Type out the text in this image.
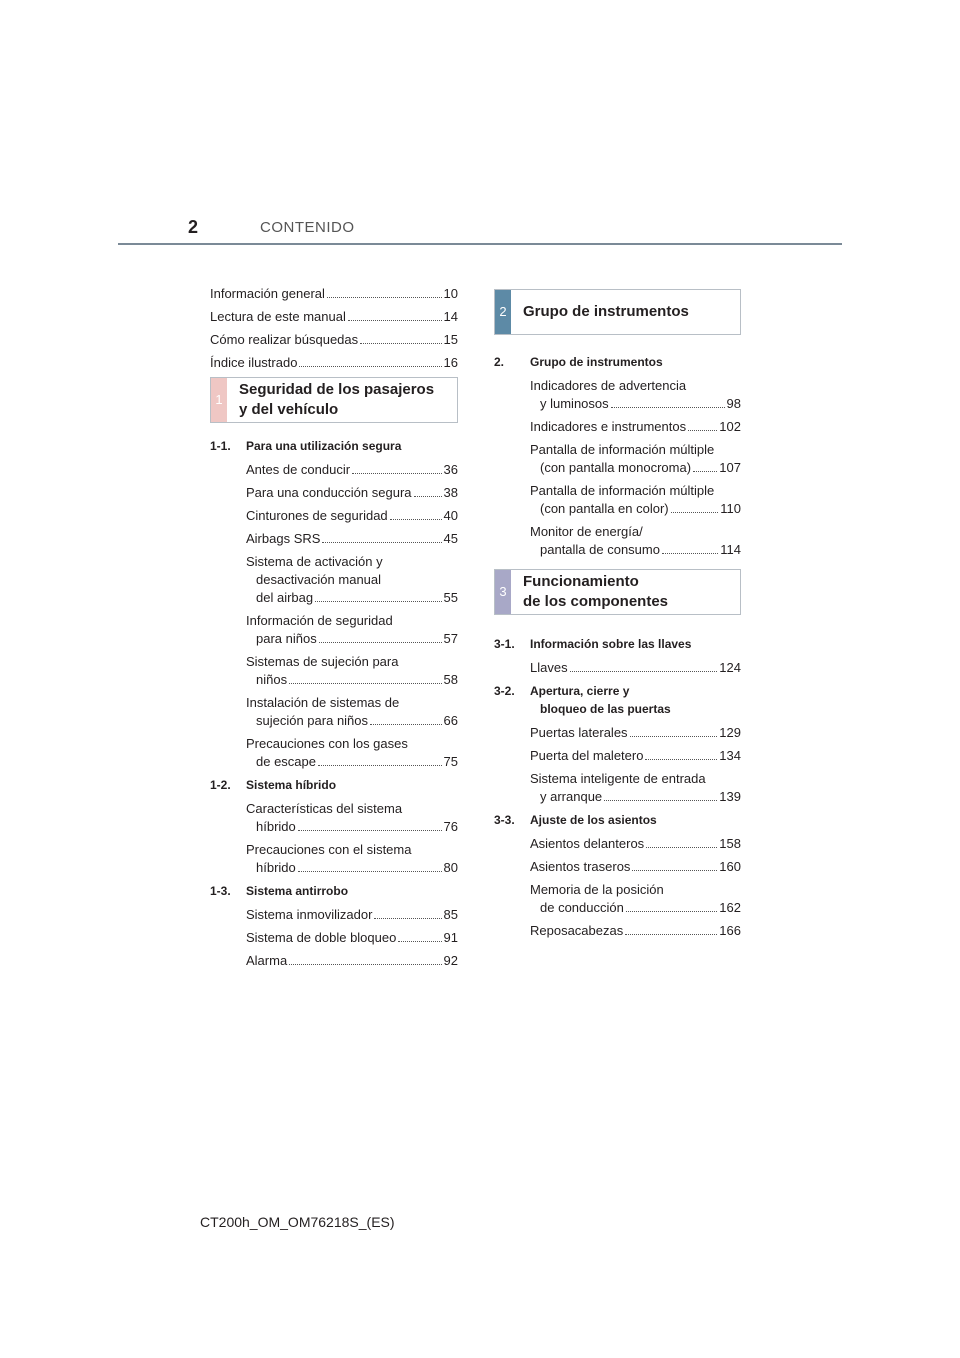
2	CONTENIDO
Información general	10
Lectura de este manual	14
Cómo realizar búsquedas	15
Índice ilustrado	16
1
Seguridad de los pasajeros
y del vehículo
1-1.	Para una utilización segura
Antes de conducir	36
Para una conducción segura 38
Cinturones de seguridad	40
Airbags SRS	45
Sistema de activación y
desactivación manual
del airbag	55
Información de seguridad
para niños	57
Sistemas de sujeción para
niños	58
Instalación de sistemas de
sujeción para niños	66
Precauciones con los gases
de escape	75
1-2.	Sistema híbrido
Características del sistema
híbrido	76
Precauciones con el sistema
híbrido	80
1-3.	Sistema antirrobo
Sistema inmovilizador	85
Sistema de doble bloqueo	91
Alarma	92
2 Grupo de instrumentos
2.	Grupo de instrumentos
Indicadores de advertencia
y luminosos	98
Indicadores e instrumentos	102
Pantalla de información múltiple
(con pantalla monocroma) 107
Pantalla de información múltiple
(con pantalla en color)	110
Monitor de energía/
pantalla de consumo	114
3
Funcionamiento
de los componentes
3-1.	Información sobre las llaves
Llaves	124
3-2.	Apertura, cierre y
bloqueo de las puertas
Puertas laterales	129
Puerta del maletero	134
Sistema inteligente de entrada
y arranque	139
3-3.	Ajuste de los asientos
Asientos delanteros	158
Asientos traseros	160
Memoria de la posición
de conducción	162
Reposacabezas	166
CT200h_OM_OM76218S_(ES)
